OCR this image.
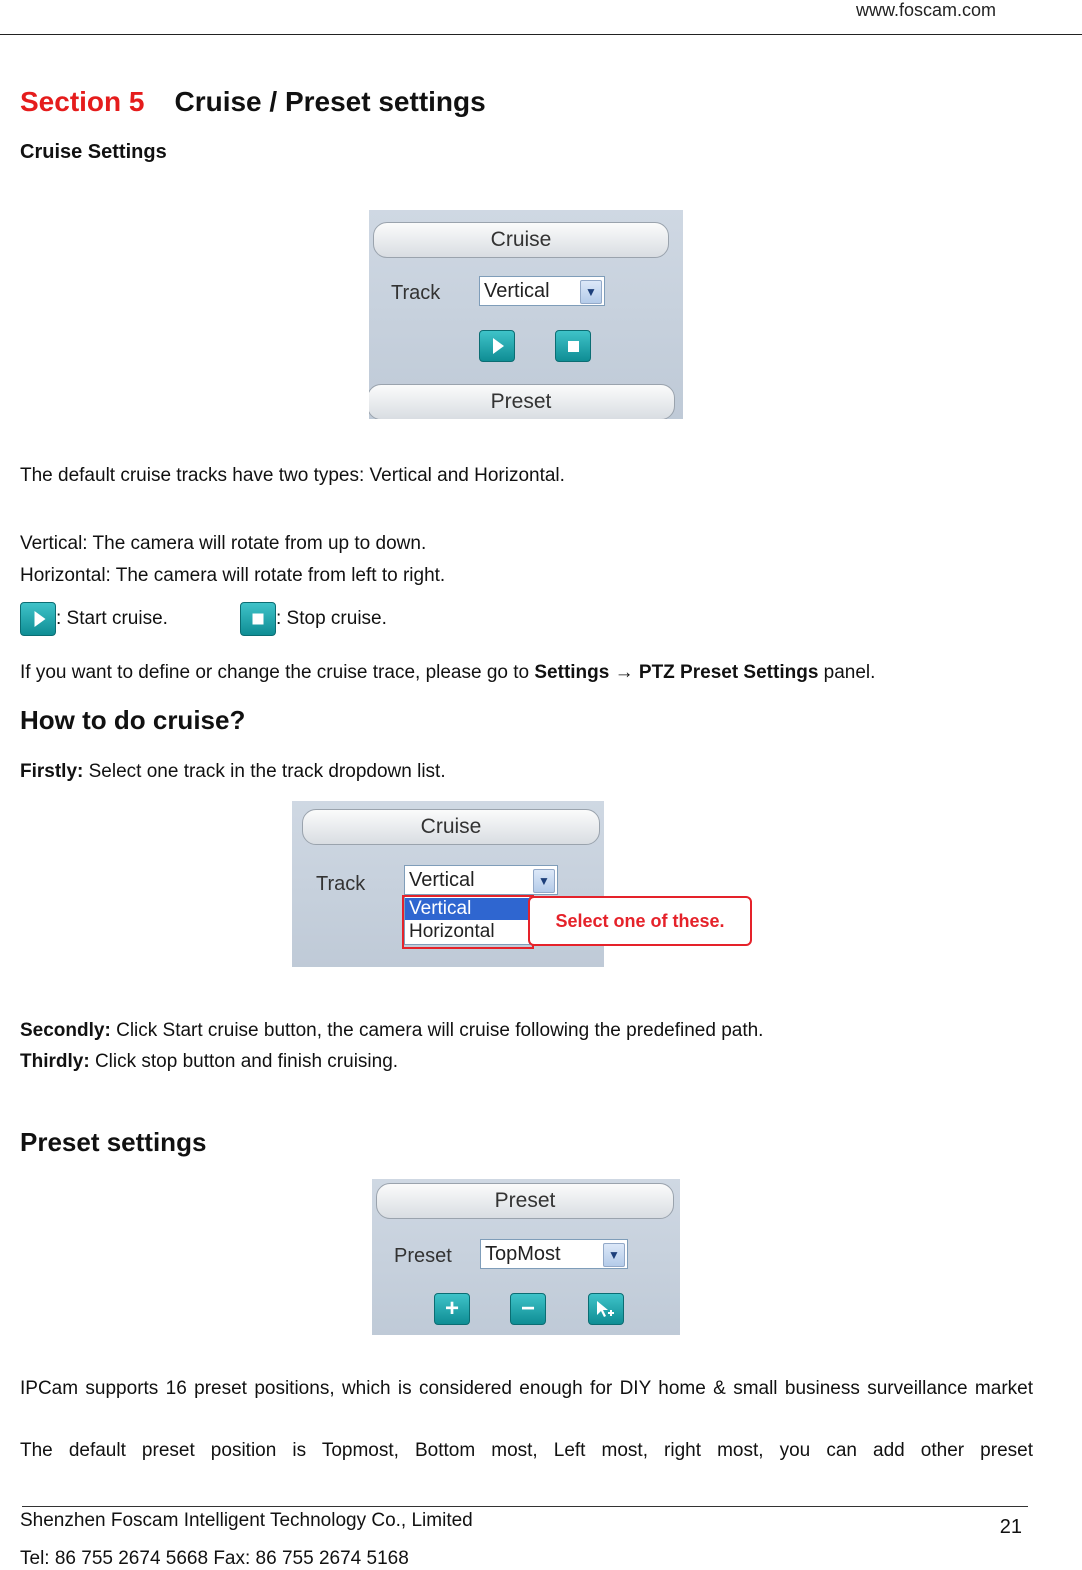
www.foscam.com
Section 5 Cruise / Preset settings
Cruise Settings
Cruise
Track Vertical	▼
Preset
The default cruise tracks have two types: Vertical and Horizontal.
Vertical: The camera will rotate from up to down.
Horizontal: The camera will rotate from left to right.
: Start cruise.	: Stop cruise.
If you want to define or change the cruise trace, please go to Settings → PTZ Preset Settings panel.
How to do cruise?
Firstly: Select one track in the track dropdown list.
Cruise
Track Vertical	▼
Vertical
Horizontal	Select one of these.
Secondly: Click Start cruise button, the camera will cruise following the predefined path.
Thirdly: Click stop button and finish cruising.
Preset settings
Preset
Preset TopMost	▼
+	−
IPCam supports 16 preset positions, which is considered enough for DIY home & small business surveillance market
The default preset position is Topmost, Bottom most, Left most, right most, you can add other preset
Shenzhen Foscam Intelligent Technology Co., Limited
Tel: 86 755 2674 5668 Fax: 86 755 2674 5168
21
